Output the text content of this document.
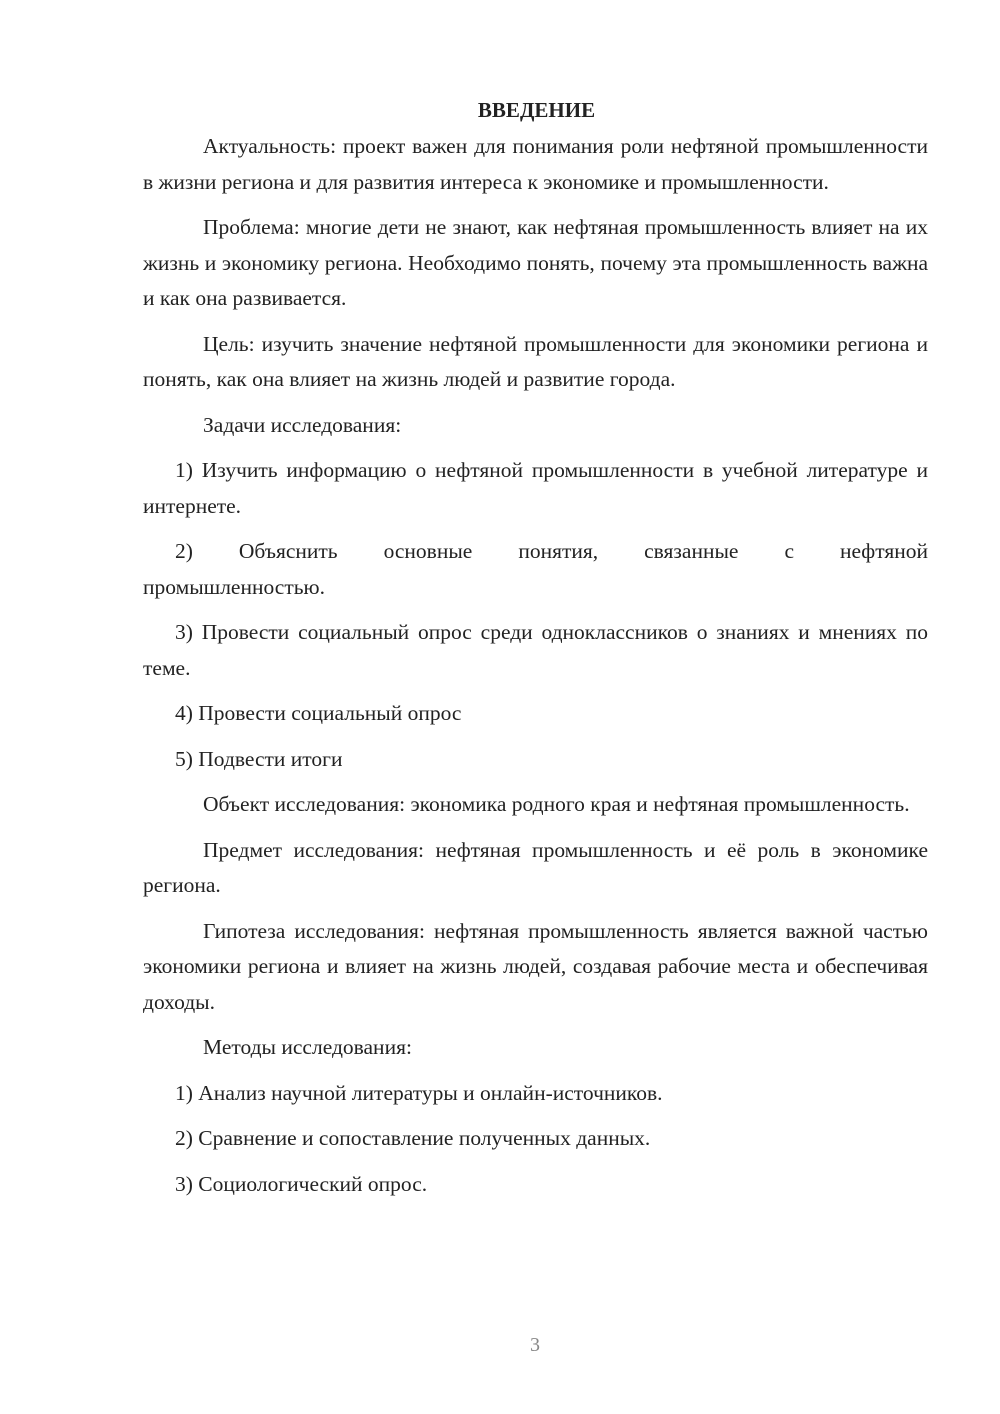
ВВЕДЕНИЕ

Актуальность: проект важен для понимания роли нефтяной промышленности в жизни региона и для развития интереса к экономике и промышленности.

Проблема: многие дети не знают, как нефтяная промышленность влияет на их жизнь и экономику региона. Необходимо понять, почему эта промышленность важна и как она развивается.

Цель: изучить значение нефтяной промышленности для экономики региона и понять, как она влияет на жизнь людей и развитие города.

Задачи исследования:

1) Изучить информацию о нефтяной промышленности в учебной литературе и интернете.

2) Объяснить основные понятия, связанные с нефтяной
промышленностью.

3) Провести социальный опрос среди одноклассников о знаниях и мнениях по теме.

4) Провести социальный опрос

5) Подвести итоги

Объект исследования: экономика родного края и нефтяная промышленность.

Предмет исследования: нефтяная промышленность и её роль в экономике региона.

Гипотеза исследования: нефтяная промышленность является важной частью экономики региона и влияет на жизнь людей, создавая рабочие места и обеспечивая доходы.

Методы исследования:

1) Анализ научной литературы и онлайн-источников.

2) Сравнение и сопоставление полученных данных.

3) Социологический опрос.

3
